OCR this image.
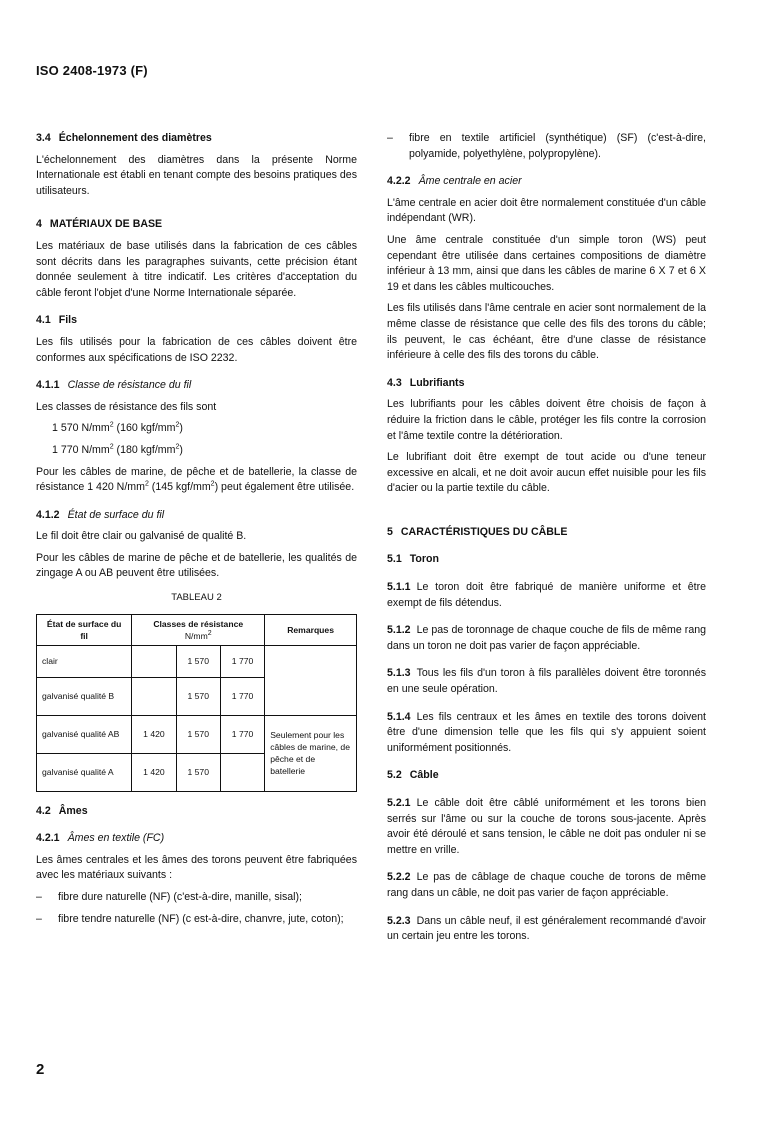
ISO 2408-1973 (F)
3.4 Échelonnement des diamètres

L'échelonnement des diamètres dans la présente Norme Internationale est établi en tenant compte des besoins pratiques des utilisateurs.

4 MATÉRIAUX DE BASE

Les matériaux de base utilisés dans la fabrication de ces câbles sont décrits dans les paragraphes suivants, cette précision étant donnée seulement à titre indicatif. Les critères d'acceptation du câble feront l'objet d'une Norme Internationale séparée.

4.1 Fils

Les fils utilisés pour la fabrication de ces câbles doivent être conformes aux spécifications de ISO 2232.

4.1.1 Classe de résistance du fil

Les classes de résistance des fils sont

1 570 $N/mm^2$ (160 kgf/$mm^2$)

1 770 $N/mm^2$ (180 kgf/$mm^2$)

Pour les câbles de marine, de pêche et de batellerie, la classe de résistance 1 420 $N/mm^2$ (145 kgf/$mm^2$) peut également être utilisée.

4.1.2 État de surface du fil

Le fil doit être clair ou galvanisé de qualité B.

Pour les câbles de marine de pêche et de batellerie, les qualités de zingage A ou AB peuvent être utilisées.

TABLEAU 2
État de surface du fil	Classes de résistance
$N/mm^2$			Remarques

clair		1 570	1 770	
galvanisé qualité B		1 570	1 770	
galvanisé qualité AB	1 420	1 570	1 770	Seulement pour les câbles de marine, de pêche et de batellerie
galvanisé qualité A	1 420	1 570		
4.2 Âmes
4.2.1 Âmes en textile (FC)

Les âmes centrales et les âmes des torons peuvent être fabriquées avec les matériaux suivants :

–	fibre dure naturelle (NF) (c'est-à-dire, manille, sisal);
–	fibre tendre naturelle (NF) (c est-à-dire, chanvre, jute, coton);
–	fibre en textile artificiel (synthétique) (SF) (c'est-à-dire, polyamide, polyethylène, polypropylène).
4.2.2 Âme centrale en acier

L'âme centrale en acier doit être normalement constituée d'un câble indépendant (WR).

Une âme centrale constituée d'un simple toron (WS) peut cependant être utilisée dans certaines compositions de diamètre inférieur à 13 mm, ainsi que dans les câbles de marine 6 X 7 et 6 X 19 et dans les câbles multicouches.

Les fils utilisés dans l'âme centrale en acier sont normalement de la même classe de résistance que celle des fils des torons du câble; ils peuvent, le cas échéant, être d'une classe de résistance inférieure à celle des fils des torons du câble.

4.3 Lubrifiants

Les lubrifiants pour les câbles doivent être choisis de façon à réduire la friction dans le câble, protéger les fils contre la corrosion et l'âme textile contre la détérioration.

Le lubrifiant doit être exempt de tout acide ou d'une teneur excessive en alcali, et ne doit avoir aucun effet nuisible pour les fils d'acier ou la partie textile du câble.

5 CARACTÉRISTIQUES DU CÂBLE
5.1 Toron

5.1.1 Le toron doit être fabriqué de manière uniforme et être exempt de fils détendus.

5.1.2 Le pas de toronnage de chaque couche de fils de même rang dans un toron ne doit pas varier de façon appréciable.

5.1.3 Tous les fils d'un toron à fils parallèles doivent être toronnés en une seule opération.

5.1.4 Les fils centraux et les âmes en textile des torons doivent être d'une dimension telle que les fils qui s'y appuient soient uniformément positionnés.

5.2 Câble

5.2.1 Le câble doit être câblé uniformément et les torons bien serrés sur l'âme ou sur la couche de torons sous-jacente. Après avoir été déroulé et sans tension, le câble ne doit pas onduler ni se mettre en vrille.

5.2.2 Le pas de câblage de chaque couche de torons de même rang dans un câble, ne doit pas varier de façon appréciable.

5.2.3 Dans un câble neuf, il est généralement recommandé d'avoir un certain jeu entre les torons.

2
